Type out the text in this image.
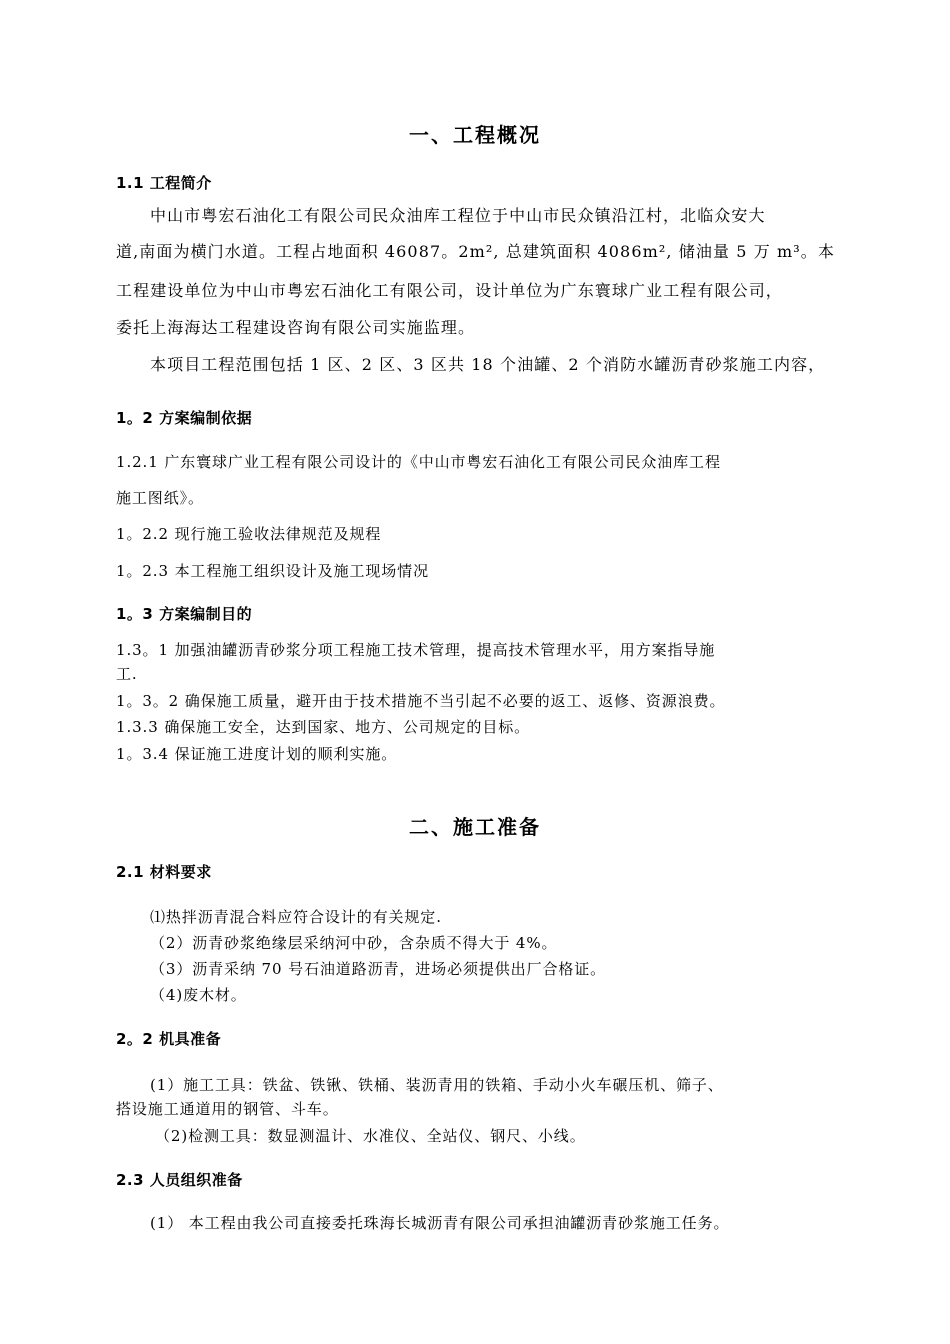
一、工程概况
1.1 工程简介
中山市粤宏石油化工有限公司民众油库工程位于中山市民众镇沿江村，北临众安大
道,南面为横门水道。工程占地面积 46087。2m², 总建筑面积 4086m², 储油量 5 万 m³。本
工程建设单位为中山市粤宏石油化工有限公司，设计单位为广东寰球广业工程有限公司，
委托上海海达工程建设咨询有限公司实施监理。
本项目工程范围包括 1 区、2 区、3 区共 18 个油罐、2 个消防水罐沥青砂浆施工内容，
1。2 方案编制依据
1.2.1 广东寰球广业工程有限公司设计的《中山市粤宏石油化工有限公司民众油库工程
施工图纸》。
1。2.2 现行施工验收法律规范及规程
1。2.3 本工程施工组织设计及施工现场情况
1。3 方案编制目的
1.3。1 加强油罐沥青砂浆分项工程施工技术管理，提高技术管理水平，用方案指导施
工.
1。3。2 确保施工质量，避开由于技术措施不当引起不必要的返工、返修、资源浪费。
1.3.3 确保施工安全，达到国家、地方、公司规定的目标。
1。3.4 保证施工进度计划的顺利实施。
二、施工准备
2.1 材料要求
⑴热拌沥青混合料应符合设计的有关规定.
（2）沥青砂浆绝缘层采纳河中砂，含杂质不得大于 4%。
（3）沥青采纳 70 号石油道路沥青，进场必须提供出厂合格证。
（4)废木材。
2。2 机具准备
(1）施工工具：铁盆、铁锹、铁桶、装沥青用的铁箱、手动小火车碾压机、筛子、
搭设施工通道用的钢管、斗车。
（2)检测工具：数显测温计、水准仪、全站仪、钢尺、小线。
2.3 人员组织准备
(1） 本工程由我公司直接委托珠海长城沥青有限公司承担油罐沥青砂浆施工任务。
